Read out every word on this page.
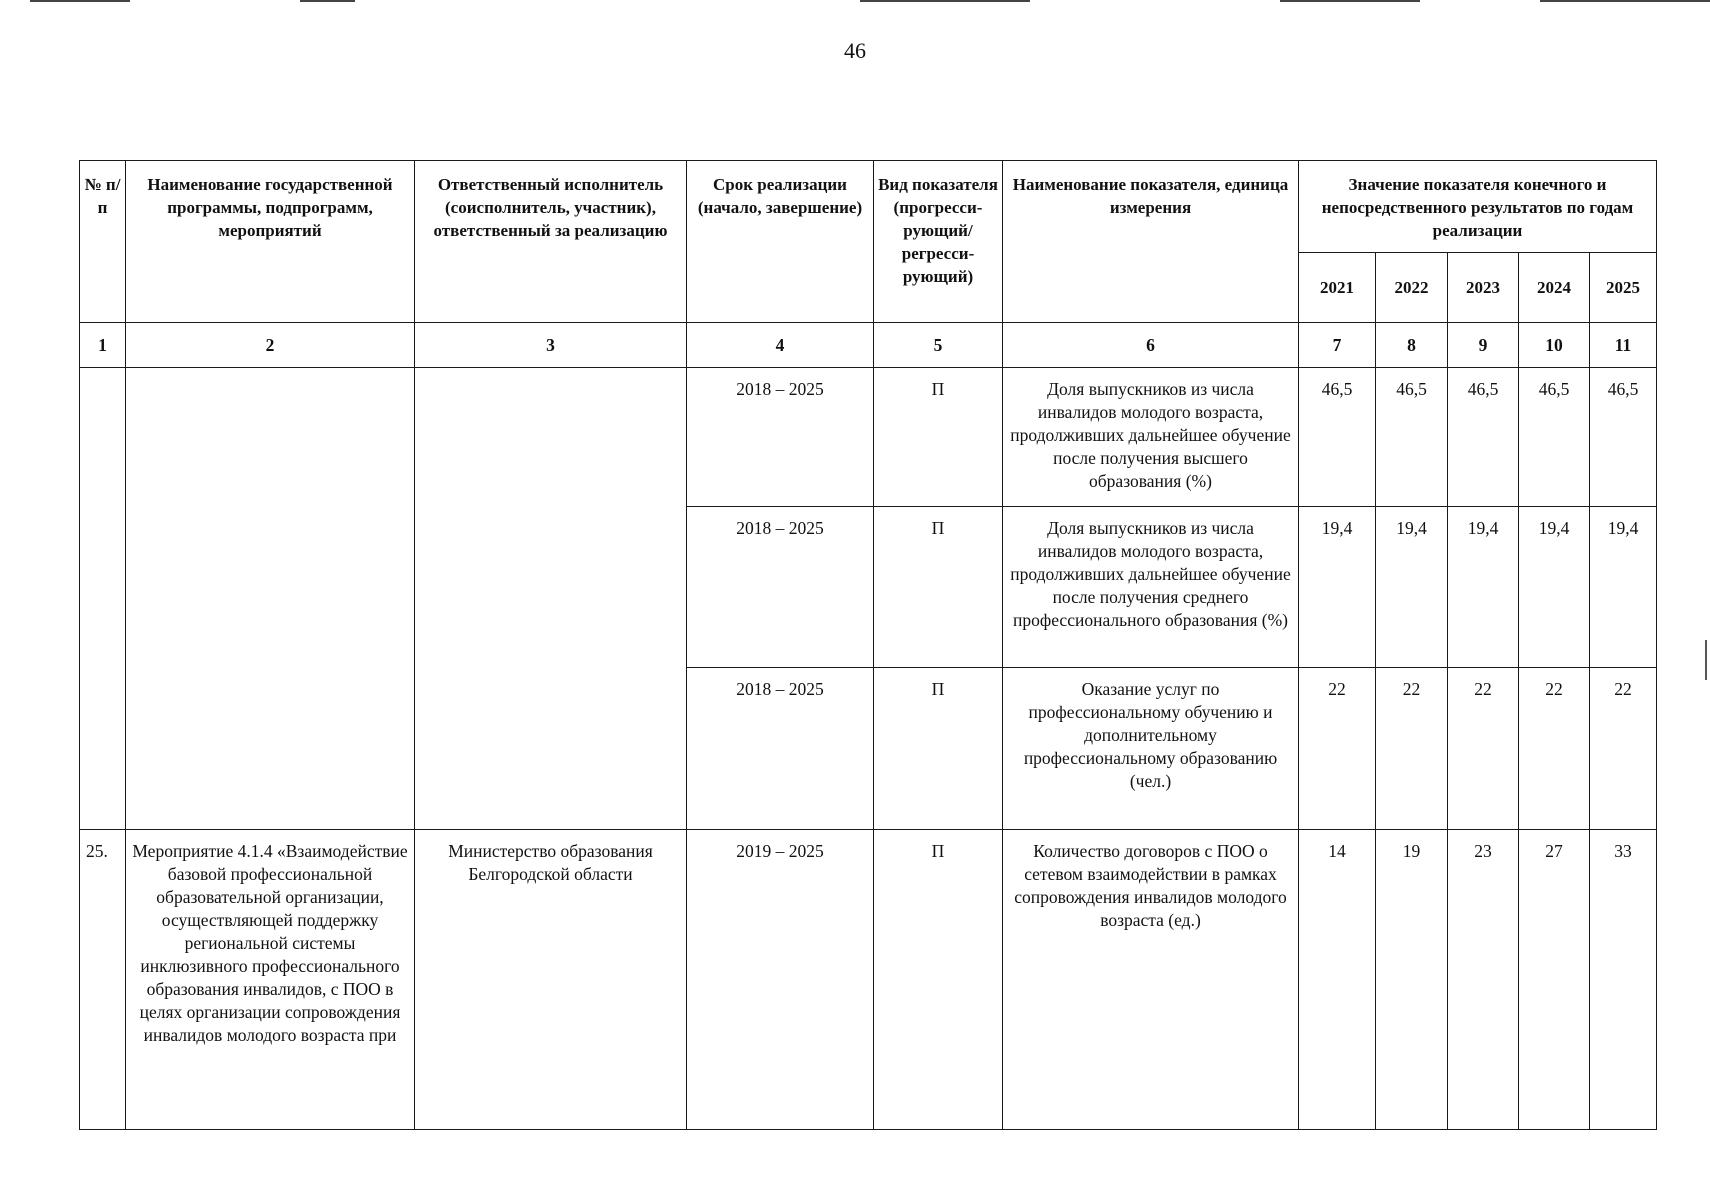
46
№ п/п	Наименование государственной программы, подпрограмм, мероприятий	Ответственный исполнитель (соисполнитель, участник), ответственный за реализацию	Срок реализации (начало, завершение)	Вид показателя (прогресси-рующий/ регресси-рующий)	Наименование показателя, единица измерения	Значение показателя конечного и непосредственного результатов по годам реализации				
						2021	2022	2023	2024	2025
1	2	3	4	5	6	7	8	9	10	11
			2018 – 2025	П	Доля выпускников из числа инвалидов молодого возраста, продолживших дальнейшее обучение после получения высшего образования (%)	46,5	46,5	46,5	46,5	46,5
			2018 – 2025	П	Доля выпускников из числа инвалидов молодого возраста, продолживших дальнейшее обучение после получения среднего профессионального образования (%)	19,4	19,4	19,4	19,4	19,4
			2018 – 2025	П	Оказание услуг по профессиональному обучению и дополнительному профессиональному образованию (чел.)	22	22	22	22	22
25.	Мероприятие 4.1.4 «Взаимодействие базовой профессиональной образовательной организации, осуществляющей поддержку региональной системы инклюзивного профессионального образования инвалидов, с ПОО в целях организации сопровождения инвалидов молодого возраста при	Министерство образования Белгородской области	2019 – 2025	П	Количество договоров с ПОО о сетевом взаимодействии в рамках сопровождения инвалидов молодого возраста (ед.)	14	19	23	27	33
